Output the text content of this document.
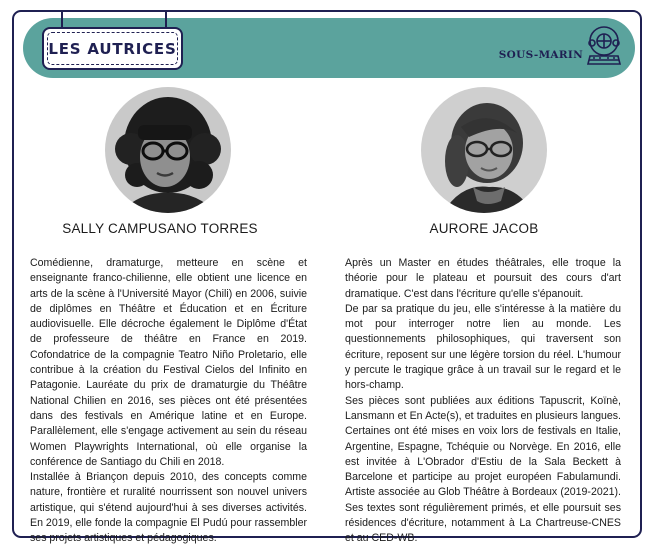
LES AUTRICES	SOUS-MARIN
SALLY CAMPUSANO TORRES	AURORE JACOB

Comédienne, dramaturge, metteure en scène et enseignante franco-chilienne, elle obtient une licence en arts de la scène à l'Université Mayor (Chili) en 2006, suivie de diplômes en Théâtre et Éducation et en Écriture audiovisuelle. Elle décroche également le Diplôme d'État de professeure de théâtre en France en 2019. Cofondatrice de la compagnie Teatro Niño Proletario, elle contribue à la création du Festival Cielos del Infinito en Patagonie. Lauréate du prix de dramaturgie du Théâtre National Chilien en 2016, ses pièces ont été présentées dans des festivals en Amérique latine et en Europe. Parallèlement, elle s'engage activement au sein du réseau Women Playwrights International, où elle organise la conférence de Santiago du Chili en 2018.

Installée à Briançon depuis 2010, des concepts comme nature, frontière et ruralité nourrissent son nouvel univers artistique, qui s'étend aujourd'hui à ses diverses activités. En 2019, elle fonde la compagnie El Pudú pour rassembler ses projets artistiques et pédagogiques.

Après un Master en études théâtrales, elle troque la théorie pour le plateau et poursuit des cours d'art dramatique. C'est dans l'écriture qu'elle s'épanouit.

De par sa pratique du jeu, elle s'intéresse à la matière du mot pour interroger notre lien au monde. Les questionnements philosophiques, qui traversent son écriture, reposent sur une légère torsion du réel. L'humour y percute le tragique grâce à un travail sur le regard et le hors-champ.

Ses pièces sont publiées aux éditions Tapuscrit, Koïnè, Lansmann et En Acte(s), et traduites en plusieurs langues. Certaines ont été mises en voix lors de festivals en Italie, Argentine, Espagne, Tchéquie ou Norvège. En 2016, elle est invitée à L'Obrador d'Estiu de la Sala Beckett à Barcelone et participe au projet européen Fabulamundi. Artiste associée au Glob Théâtre à Bordeaux (2019-2021). Ses textes sont régulièrement primés, et elle poursuit ses résidences d'écriture, notamment à La Chartreuse-CNES et au CED-WB.
